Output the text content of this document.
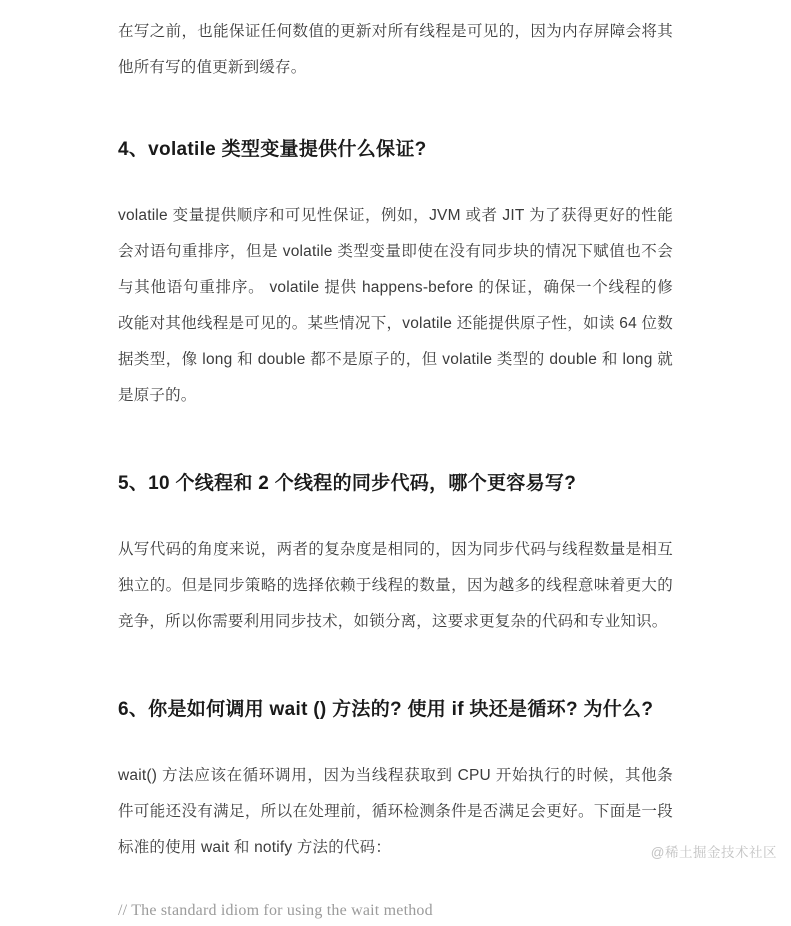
在写之前，也能保证任何数值的更新对所有线程是可见的，因为内存屏障会将其他所有写的值更新到缓存。

4、volatile 类型变量提供什么保证?

volatile 变量提供顺序和可见性保证，例如，JVM 或者 JIT 为了获得更好的性能会对语句重排序，但是 volatile 类型变量即使在没有同步块的情况下赋值也不会与其他语句重排序。 volatile 提供 happens-before 的保证，确保一个线程的修改能对其他线程是可见的。某些情况下，volatile 还能提供原子性，如读 64 位数据类型，像 long 和 double 都不是原子的，但 volatile 类型的 double 和 long 就是原子的。

5、10 个线程和 2 个线程的同步代码，哪个更容易写?

从写代码的角度来说，两者的复杂度是相同的，因为同步代码与线程数量是相互独立的。但是同步策略的选择依赖于线程的数量，因为越多的线程意味着更大的竞争，所以你需要利用同步技术，如锁分离，这要求更复杂的代码和专业知识。

6、你是如何调用 wait () 方法的? 使用 if 块还是循环? 为什么?

wait() 方法应该在循环调用，因为当线程获取到 CPU 开始执行的时候，其他条件可能还没有满足，所以在处理前，循环检测条件是否满足会更好。下面是一段标准的使用 wait 和 notify 方法的代码：

// The standard idiom for using the wait method
@稀土掘金技术社区
